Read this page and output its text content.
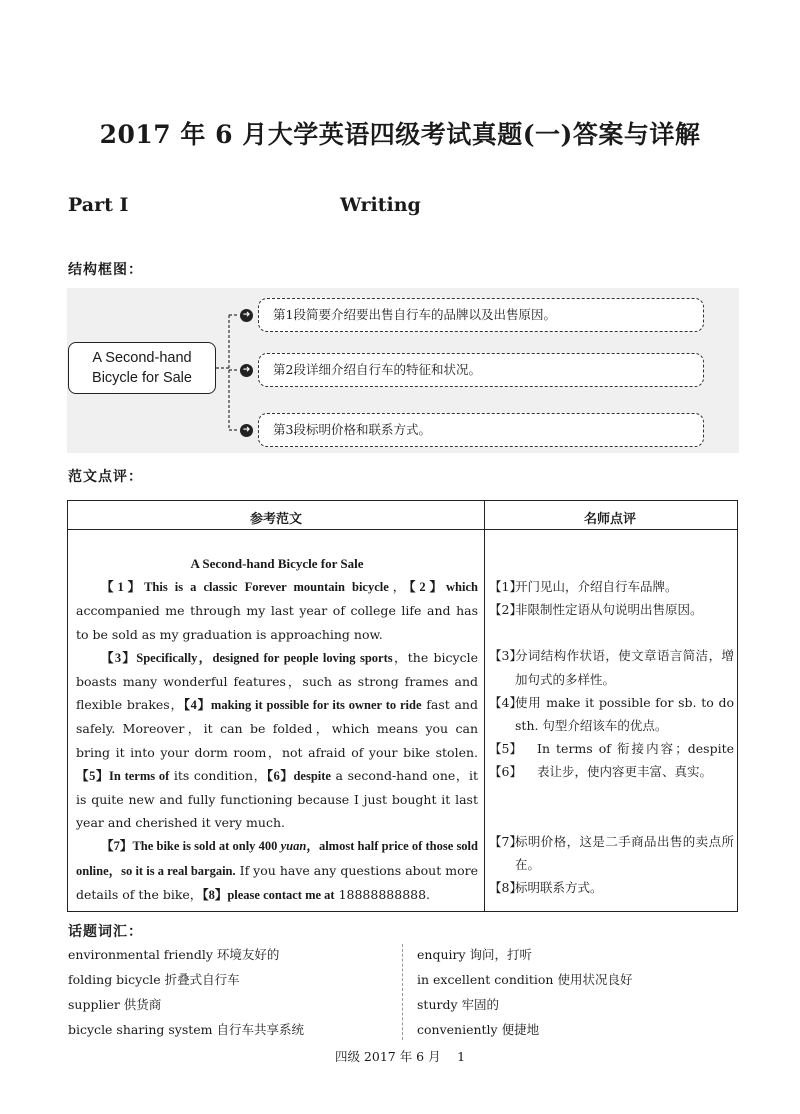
2017 年 6 月大学英语四级考试真题(一)答案与详解
Part Ⅰ	Writing
结构框图：
A Second-hand
Bicycle for Sale
➜
➜
➜
第1段简要介绍要出售自行车的品牌以及出售原因。
第2段详细介绍自行车的特征和状况。
第3段标明价格和联系方式。
范文点评：
参考范文	名师点评

A Second-hand Bicycle for Sale

【1】This is a classic Forever mountain bicycle，【2】which accompanied me through my last year of college life and has to be sold as my graduation is approaching now.

【3】Specifically，designed for people loving sports，the bicycle boasts many wonderful features，such as strong frames and flexible brakes，【4】making it possible for its owner to ride fast and safely. Moreover，it can be folded，which means you can bring it into your dorm room，not afraid of your bike stolen.【5】In terms of its condition，【6】despite a second-hand one，it is quite new and fully functioning because I just bought it last year and cherished it very much.

【7】The bike is sold at only 400 yuan，almost half price of those sold online，so it is a real bargain. If you have any questions about more details of the bike，【8】please contact me at 18888888888.

【1】
开门见山，介绍自行车品牌。
【2】
非限制性定语从句说明出售原因。
【3】
分词结构作状语，使文章语言简洁，增加句式的多样性。
【4】
使用 make it possible for sb. to do sth. 句型介绍该车的优点。
【5】【6】
In terms of 衔接内容；despite 表让步，使内容更丰富、真实。
【7】
标明价格，这是二手商品出售的卖点所在。
【8】
标明联系方式。
话题词汇：
environmental friendly 环境友好的
folding bicycle 折叠式自行车
supplier 供货商
bicycle sharing system 自行车共享系统
enquiry 询问，打听
in excellent condition 使用状况良好
sturdy 牢固的
conveniently 便捷地
四级 2017 年 6 月　 1
